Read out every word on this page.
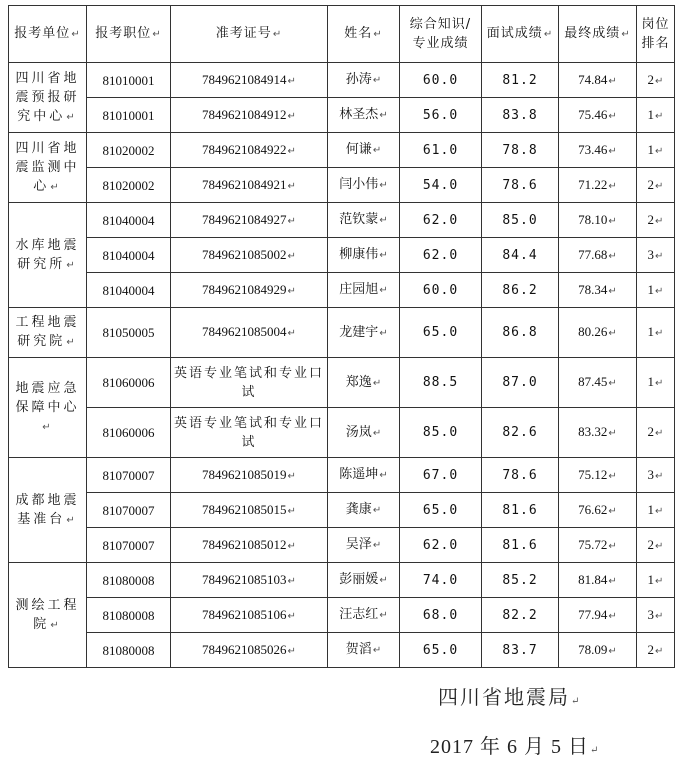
报考单位↵	报考职位↵	准考证号↵	姓名↵	综合知识/专业成绩	面试成绩↵	最终成绩↵	岗位排名
四川省地震预报研究中心↵	81010001	7849621084914↵	孙涛↵	60.0	81.2	74.84↵	2↵
	81010001	7849621084912↵	林圣杰↵	56.0	83.8	75.46↵	1↵
四川省地震监测中心↵	81020002	7849621084922↵	何谦↵	61.0	78.8	73.46↵	1↵
	81020002	7849621084921↵	闫小伟↵	54.0	78.6	71.22↵	2↵
水库地震研究所↵	81040004	7849621084927↵	范钦蒙↵	62.0	85.0	78.10↵	2↵
	81040004	7849621085002↵	柳康伟↵	62.0	84.4	77.68↵	3↵
	81040004	7849621084929↵	庄园旭↵	60.0	86.2	78.34↵	1↵
工程地震研究院↵	81050005	7849621085004↵	龙建宇↵	65.0	86.8	80.26↵	1↵
地震应急保障中心↵	81060006	英语专业笔试和专业口试	郑逸↵	88.5	87.0	87.45↵	1↵
	81060006	英语专业笔试和专业口试	汤岚↵	85.0	82.6	83.32↵	2↵
成都地震基准台↵	81070007	7849621085019↵	陈遥坤↵	67.0	78.6	75.12↵	3↵
	81070007	7849621085015↵	龚康↵	65.0	81.6	76.62↵	1↵
	81070007	7849621085012↵	吴泽↵	62.0	81.6	75.72↵	2↵
测绘工程院↵	81080008	7849621085103↵	彭丽媛↵	74.0	85.2	81.84↵	1↵
	81080008	7849621085106↵	汪志红↵	68.0	82.2	77.94↵	3↵
	81080008	7849621085026↵	贺滔↵	65.0	83.7	78.09↵	2↵
四川省地震局↵
2017 年 6 月 5 日↵
